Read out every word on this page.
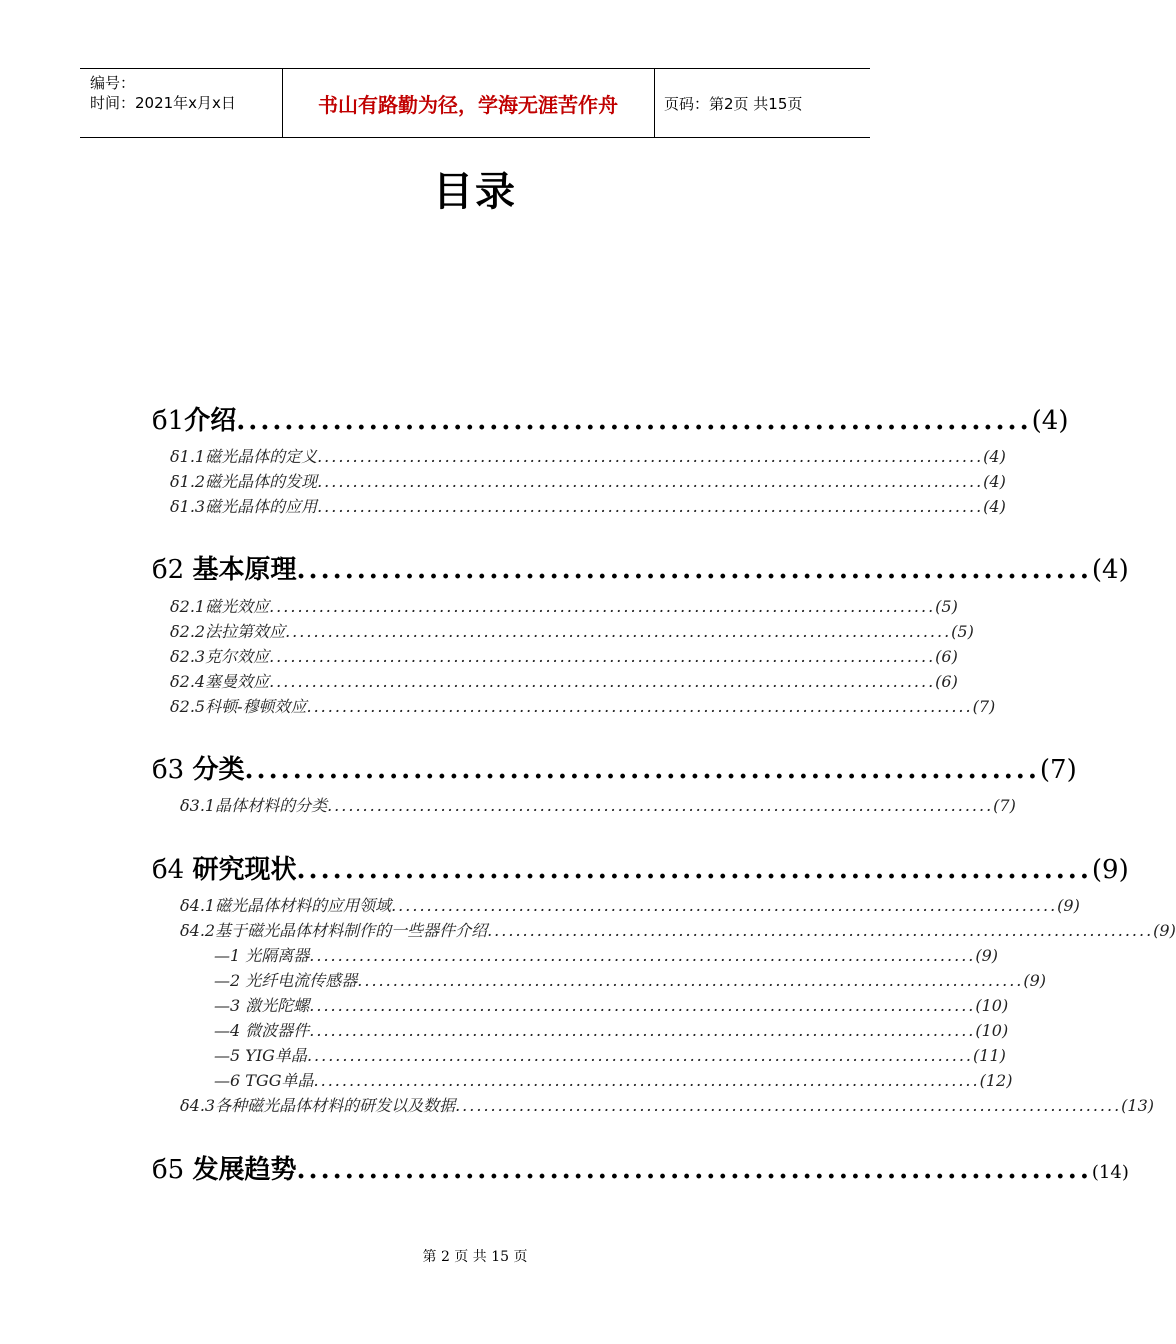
编号：
时间：2021年x月x日	书山有路勤为径，学海无涯苦作舟	页码：第2页 共15页
目录
б1介绍 .................................................................. (4)
δ1.1磁光晶体的定义 .............................................................................................. (4)
δ1.2磁光晶体的发现 .............................................................................................. (4)
δ1.3磁光晶体的应用 .............................................................................................. (4)
б2 基本原理 .................................................................. (4)
δ2.1磁光效应 .............................................................................................. (5)
δ2.2法拉第效应 .............................................................................................. (5)
δ2.3克尔效应 .............................................................................................. (6)
δ2.4塞曼效应 .............................................................................................. (6)
δ2.5科顿-穆顿效应 .............................................................................................. (7)
б3 分类 .................................................................. (7)
δ3.1晶体材料的分类 .............................................................................................. (7)
б4 研究现状 .................................................................. (9)
δ4.1磁光晶体材料的应用领域 .............................................................................................. (9)
δ4.2基于磁光晶体材料制作的一些器件介绍 .............................................................................................. (9)
—1 光隔离器 .............................................................................................. (9)
—2 光纤电流传感器 .............................................................................................. (9)
—3 激光陀螺 .............................................................................................. (10)
—4 微波器件 .............................................................................................. (10)
—5 YIG单晶 .............................................................................................. (11)
—6 TGG单晶 .............................................................................................. (12)
δ4.3各种磁光晶体材料的研发以及数据 .............................................................................................. (13)
б5 发展趋势 .................................................................. (14)
第 2 页 共 15 页
